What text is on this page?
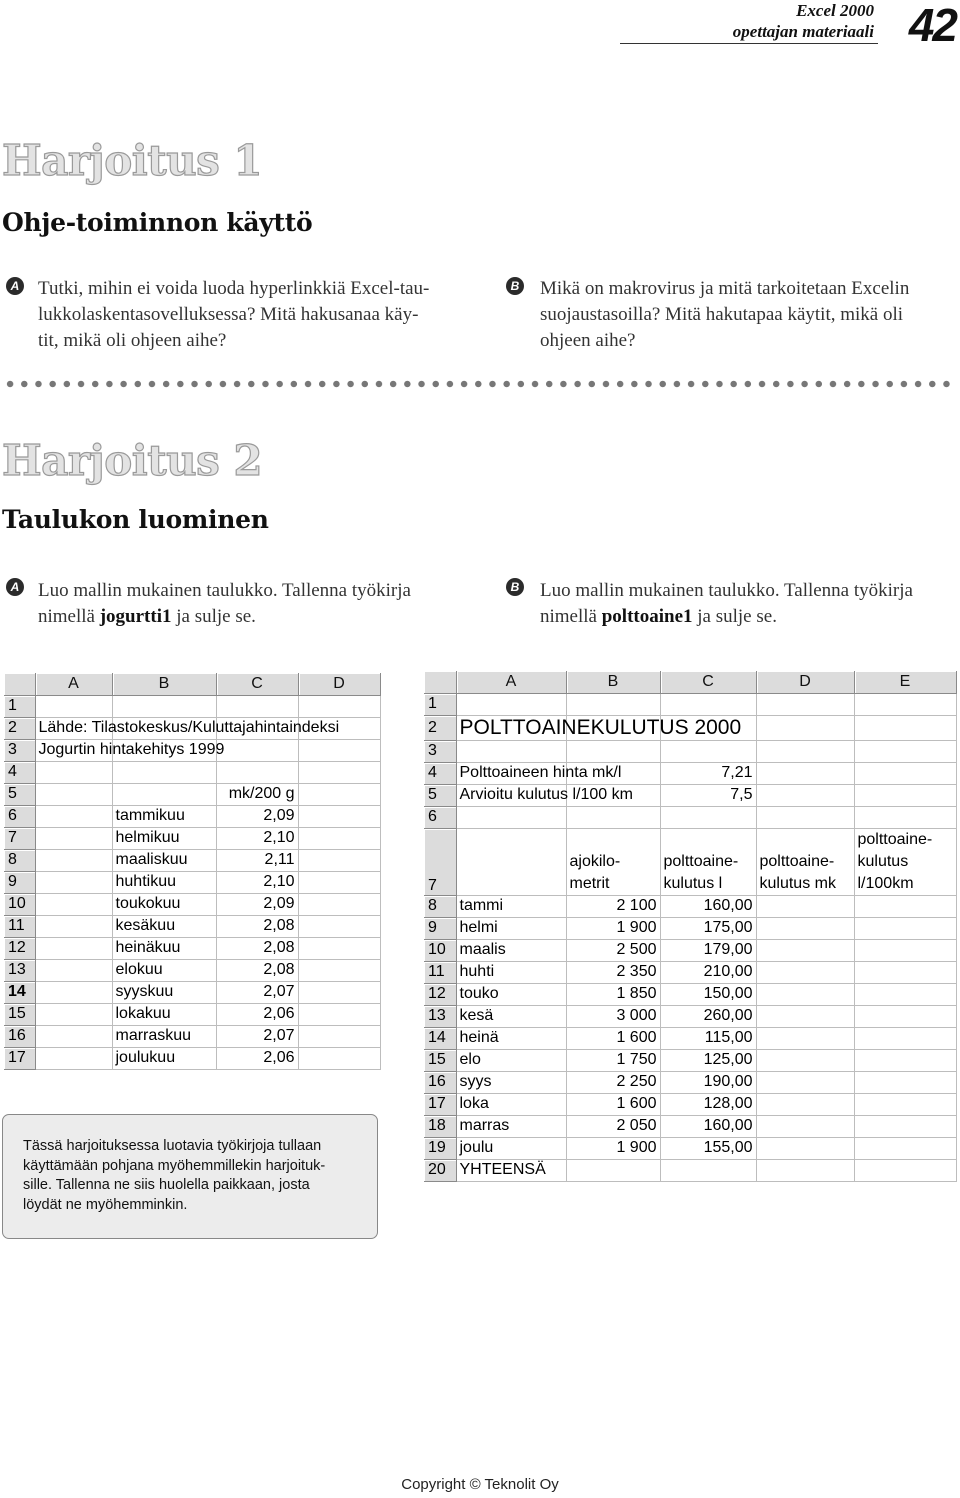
Excel 2000
opettajan materiaali 42
Harjoitus 1
Ohje-toiminnon käyttö
A Tutki, mihin ei voida luoda hyperlinkkiä Excel-tau-
lukkolaskentasovelluksessa? Mitä hakusanaa käy-
tit, mikä oli ohjeen aihe?
B Mikä on makrovirus ja mitä tarkoitetaan Excelin
suojaustasoilla? Mitä hakutapaa käytit, mikä oli
ohjeen aihe?
Harjoitus 2
Taulukon luominen
A Luo mallin mukainen taulukko. Tallenna työkirja
nimellä jogurtti1 ja sulje se.
B Luo mallin mukainen taulukko. Tallenna työkirja
nimellä polttoaine1 ja sulje se.
	A	B	C	D
1				
2	Lähde: Tilastokeskus/Kuluttajahintaindeksi			
3	Jogurtin hintakehitys 1999			
4				
5			mk/200 g	
6		tammikuu	2,09	
7		helmikuu	2,10	
8		maaliskuu	2,11	
9		huhtikuu	2,10	
10		toukokuu	2,09	
11		kesäkuu	2,08	
12		heinäkuu	2,08	
13		elokuu	2,08	
14		syyskuu	2,07	
15		lokakuu	2,06	
16		marraskuu	2,07	
17		joulukuu	2,06	
	A	B	C	D	E
1					
2	POLTTOAINEKULUTUS 2000				
3					
4	Polttoaineen hinta mk/l		7,21		
5	Arvioitu kulutus l/100 km		7,5		
6					
7		ajokilo-
metrit	polttoaine-
kulutus l	polttoaine-
kulutus mk	polttoaine-
kulutus
l/100km
8	tammi	2 100	160,00		
9	helmi	1 900	175,00		
10	maalis	2 500	179,00		
11	huhti	2 350	210,00		
12	touko	1 850	150,00		
13	kesä	3 000	260,00		
14	heinä	1 600	115,00		
15	elo	1 750	125,00		
16	syys	2 250	190,00		
17	loka	1 600	128,00		
18	marras	2 050	160,00		
19	joulu	1 900	155,00		
20	YHTEENSÄ				
Tässä harjoituksessa luotavia työkirjoja tullaan
käyttämään pohjana myöhemmillekin harjoituk-
sille. Tallenna ne siis huolella paikkaan, josta
löydät ne myöhemminkin.
Copyright © Teknolit Oy
